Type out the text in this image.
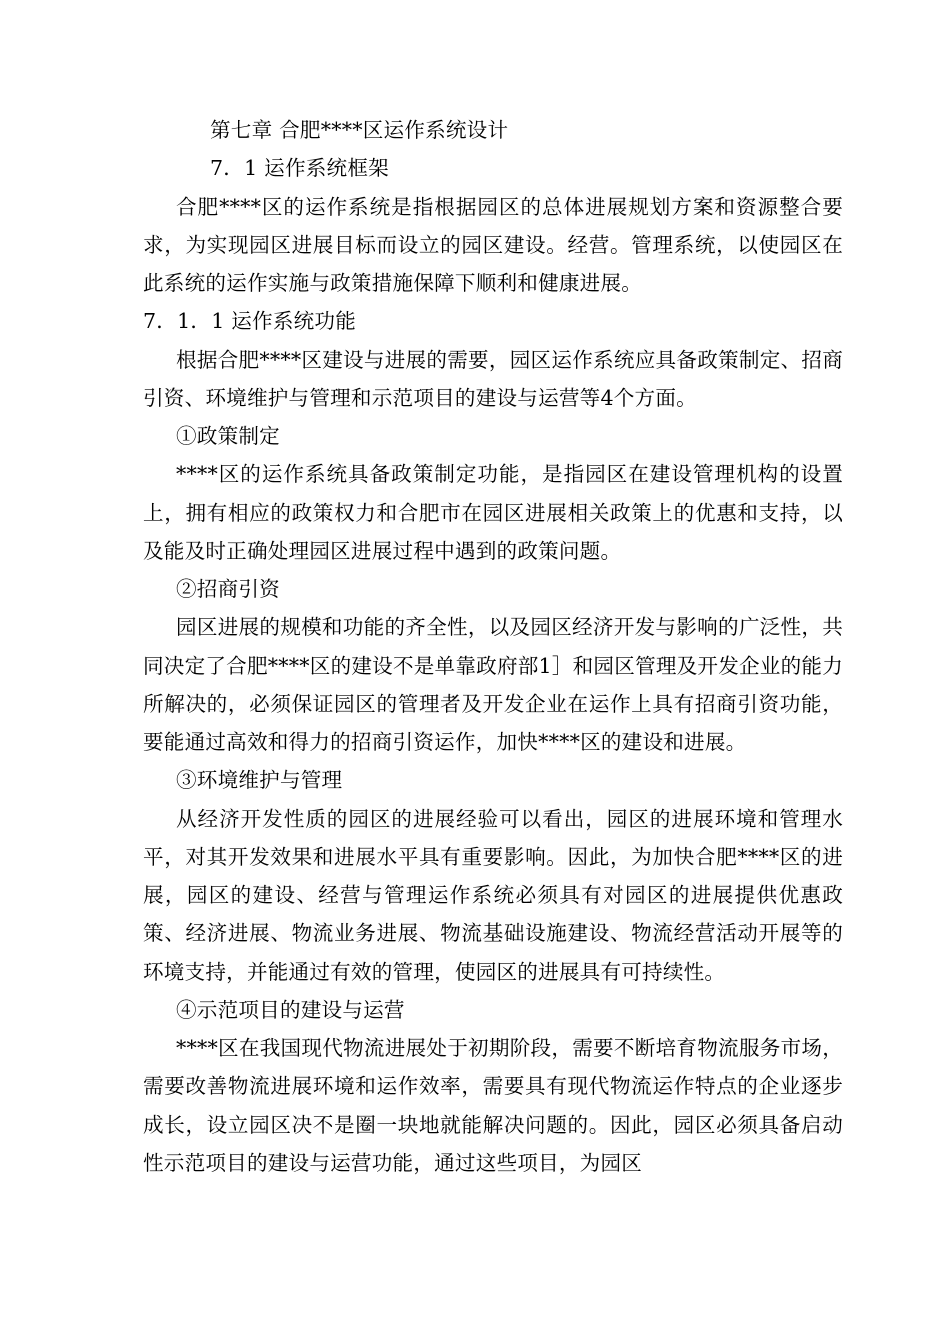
第七章 合肥****区运作系统设计

7．1 运作系统框架

合肥****区的运作系统是指根据园区的总体进展规划方案和资源整合要求，为实现园区进展目标而设立的园区建设。经营。管理系统，以使园区在此系统的运作实施与政策措施保障下顺利和健康进展。

7．1．1 运作系统功能

根据合肥****区建设与进展的需要，园区运作系统应具备政策制定、招商引资、环境维护与管理和示范项目的建设与运营等4个方面。

①政策制定

****区的运作系统具备政策制定功能，是指园区在建设管理机构的设置上，拥有相应的政策权力和合肥市在园区进展相关政策上的优惠和支持，以及能及时正确处理园区进展过程中遇到的政策问题。

②招商引资

园区进展的规模和功能的齐全性，以及园区经济开发与影响的广泛性，共同决定了合肥****区的建设不是单靠政府部1］和园区管理及开发企业的能力所解决的，必须保证园区的管理者及开发企业在运作上具有招商引资功能，要能通过高效和得力的招商引资运作，加快****区的建设和进展。

③环境维护与管理

从经济开发性质的园区的进展经验可以看出，园区的进展环境和管理水平，对其开发效果和进展水平具有重要影响。因此，为加快合肥****区的进展，园区的建设、经营与管理运作系统必须具有对园区的进展提供优惠政策、经济进展、物流业务进展、物流基础设施建设、物流经营活动开展等的环境支持，并能通过有效的管理，使园区的进展具有可持续性。

④示范项目的建设与运营

****区在我国现代物流进展处于初期阶段，需要不断培育物流服务市场，需要改善物流进展环境和运作效率，需要具有现代物流运作特点的企业逐步成长，设立园区决不是圈一块地就能解决问题的。因此，园区必须具备启动性示范项目的建设与运营功能，通过这些项目，为园区
